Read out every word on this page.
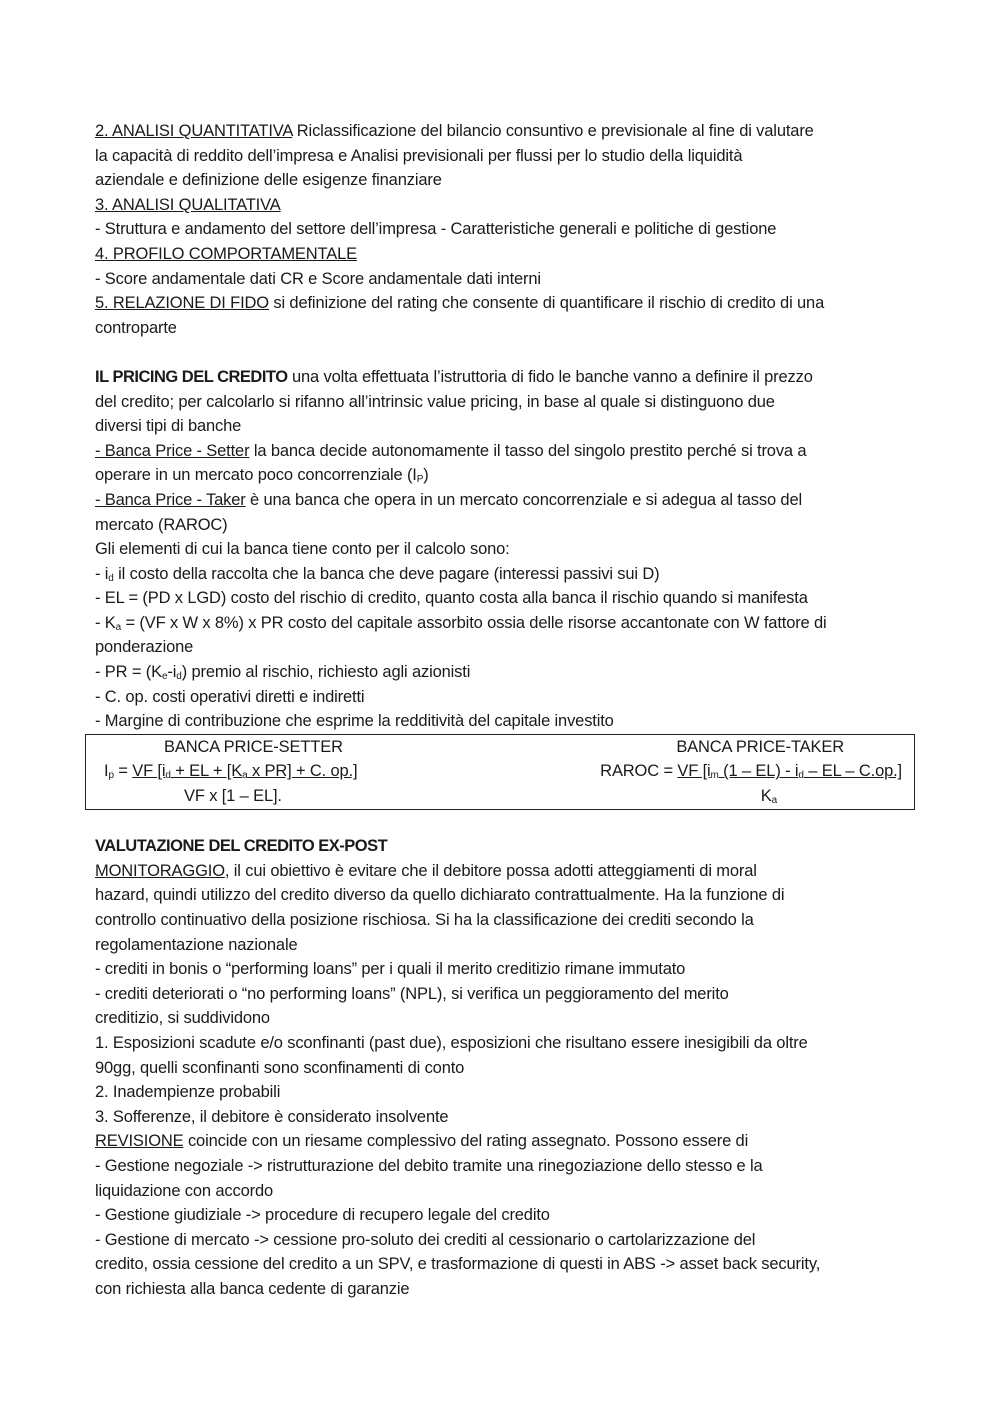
2. ANALISI QUANTITATIVA Riclassificazione del bilancio consuntivo e previsionale al fine di valutare
la capacità di reddito dell’impresa e Analisi previsionali per flussi per lo studio della liquidità
aziendale e definizione delle esigenze finanziare
3. ANALISI QUALITATIVA
- Struttura e andamento del settore dell’impresa - Caratteristiche generali e politiche di gestione
4. PROFILO COMPORTAMENTALE
- Score andamentale dati CR e Score andamentale dati interni
5. RELAZIONE DI FIDO si definizione del rating che consente di quantificare il rischio di credito di una
controparte
IL PRICING DEL CREDITO una volta effettuata l’istruttoria di fido le banche vanno a definire il prezzo
del credito; per calcolarlo si rifanno all’intrinsic value pricing, in base al quale si distinguono due
diversi tipi di banche
- Banca Price - Setter la banca decide autonomamente il tasso del singolo prestito perché si trova a
operare in un mercato poco concorrenziale $(I_P)$
- Banca Price - Taker è una banca che opera in un mercato concorrenziale e si adegua al tasso del
mercato (RAROC)
Gli elementi di cui la banca tiene conto per il calcolo sono:
- $i_d$ il costo della raccolta che la banca che deve pagare (interessi passivi sui D)
- EL = (PD x LGD) costo del rischio di credito, quanto costa alla banca il rischio quando si manifesta
- $K_a = (VF$ x W x 8%) x PR costo del capitale assorbito ossia delle risorse accantonate con W fattore di
ponderazione
- PR = $(K_e-i_d)$ premio al rischio, richiesto agli azionisti
- C. op. costi operativi diretti e indiretti
- Margine di contribuzione che esprime la redditività del capitale investito
BANCA PRICE-SETTER
$I_p$ = VF [$i_d$ + EL + [$K_a$ x PR] + C. op.]
VF x [1 – EL].
BANCA PRICE-TAKER
RAROC = VF [$i_m$ $(1 - EL) - i_d$ – EL – C.op.]
$K_a$
VALUTAZIONE DEL CREDITO EX-POST
MONITORAGGIO, il cui obiettivo è evitare che il debitore possa adotti atteggiamenti di moral
hazard, quindi utilizzo del credito diverso da quello dichiarato contrattualmente. Ha la funzione di
controllo continuativo della posizione rischiosa. Si ha la classificazione dei crediti secondo la
regolamentazione nazionale
- crediti in bonis o “performing loans” per i quali il merito creditizio rimane immutato
- crediti deteriorati o “no performing loans” (NPL), si verifica un peggioramento del merito
creditizio, si suddividono
1. Esposizioni scadute e/o sconfinanti (past due), esposizioni che risultano essere inesigibili da oltre
90gg, quelli sconfinanti sono sconfinamenti di conto
2. Inadempienze probabili
3. Sofferenze, il debitore è considerato insolvente
REVISIONE coincide con un riesame complessivo del rating assegnato. Possono essere di
- Gestione negoziale -> ristrutturazione del debito tramite una rinegoziazione dello stesso e la
liquidazione con accordo
- Gestione giudiziale -> procedure di recupero legale del credito
- Gestione di mercato -> cessione pro-soluto dei crediti al cessionario o cartolarizzazione del
credito, ossia cessione del credito a un SPV, e trasformazione di questi in ABS -> asset back security,
con richiesta alla banca cedente di garanzie
